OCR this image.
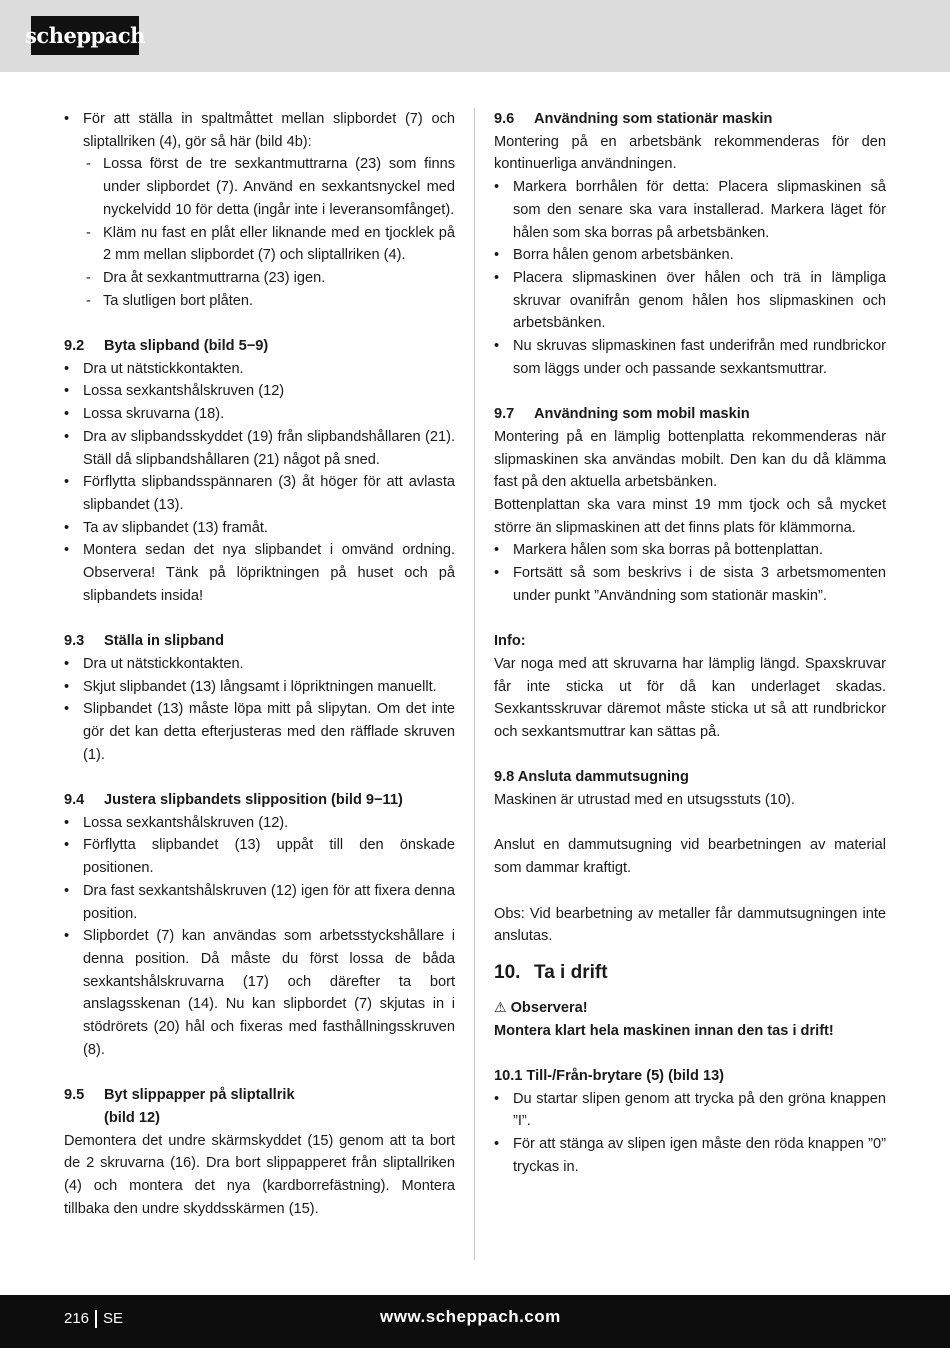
scheppach
• För att ställa in spaltmåttet mellan slipbordet (7) och sliptallriken (4), gör så här (bild 4b):
- Lossa först de tre sexkantmuttrarna (23) som finns under slipbordet (7). Använd en sexkantsnyckel med nyckelvidd 10 för detta (ingår inte i leveransomfånget).
- Kläm nu fast en plåt eller liknande med en tjocklek på 2 mm mellan slipbordet (7) och sliptallriken (4).
- Dra åt sexkantmuttrarna (23) igen.
- Ta slutligen bort plåten.
9.2 Byta slipband (bild 5−9)
• Dra ut nätstickkontakten.
• Lossa sexkantshålskruven (12)
• Lossa skruvarna (18).
• Dra av slipbandsskyddet (19) från slipbandshållaren (21). Ställ då slipbandshållaren (21) något på sned.
• Förflytta slipbandsspännaren (3) åt höger för att avlasta slipbandet (13).
• Ta av slipbandet (13) framåt.
• Montera sedan det nya slipbandet i omvänd ordning. Observera! Tänk på löpriktningen på huset och på slipbandets insida!
9.3 Ställa in slipband
• Dra ut nätstickkontakten.
• Skjut slipbandet (13) långsamt i löpriktningen manuellt.
• Slipbandet (13) måste löpa mitt på slipytan. Om det inte gör det kan detta efterjusteras med den räfflade skruven (1).
9.4 Justera slipbandets slipposition (bild 9−11)
• Lossa sexkantshålskruven (12).
• Förflytta slipbandet (13) uppåt till den önskade positionen.
• Dra fast sexkantshålskruven (12) igen för att fixera denna position.
• Slipbordet (7) kan användas som arbetsstyckshållare i denna position. Då måste du först lossa de båda sexkantshålskruvarna (17) och därefter ta bort anslagsskenan (14). Nu kan slipbordet (7) skjutas in i stödrörets (20) hål och fixeras med fasthållningsskruven (8).
9.5 Byt slippapper på sliptallrik
(bild 12)

Demontera det undre skärmskyddet (15) genom att ta bort de 2 skruvarna (16). Dra bort slippapperet från sliptallriken (4) och montera det nya (kardborrefästning). Montera tillbaka den undre skyddsskärmen (15).

9.6 Användning som stationär maskin

Montering på en arbetsbänk rekommenderas för den kontinuerliga användningen.

• Markera borrhålen för detta: Placera slipmaskinen så som den senare ska vara installerad. Markera läget för hålen som ska borras på arbetsbänken.
• Borra hålen genom arbetsbänken.
• Placera slipmaskinen över hålen och trä in lämpliga skruvar ovanifrån genom hålen hos slipmaskinen och arbetsbänken.
• Nu skruvas slipmaskinen fast underifrån med rundbrickor som läggs under och passande sexkantsmuttrar.
9.7 Användning som mobil maskin

Montering på en lämplig bottenplatta rekommenderas när slipmaskinen ska användas mobilt. Den kan du då klämma fast på den aktuella arbetsbänken.

Bottenplattan ska vara minst 19 mm tjock och så mycket större än slipmaskinen att det finns plats för klämmorna.

• Markera hålen som ska borras på bottenplattan.
• Fortsätt så som beskrivs i de sista 3 arbetsmomenten under punkt ”Användning som stationär maskin”.
Info:

Var noga med att skruvarna har lämplig längd. Spaxskruvar får inte sticka ut för då kan underlaget skadas. Sexkantsskruvar däremot måste sticka ut så att rundbrickor och sexkantsmuttrar kan sättas på.

9.8 Ansluta dammutsugning

Maskinen är utrustad med en utsugsstuts (10).

Anslut en dammutsugning vid bearbetningen av material som dammar kraftigt.

Obs: Vid bearbetning av metaller får dammutsugningen inte anslutas.

10. Ta i drift
⚠ Observera!
Montera klart hela maskinen innan den tas i drift!
10.1 Till-/Från-brytare (5) (bild 13)
• Du startar slipen genom att trycka på den gröna knappen ”I”.
• För att stänga av slipen igen måste den röda knappen ”0” tryckas in.
216 SE	www.scheppach.com
